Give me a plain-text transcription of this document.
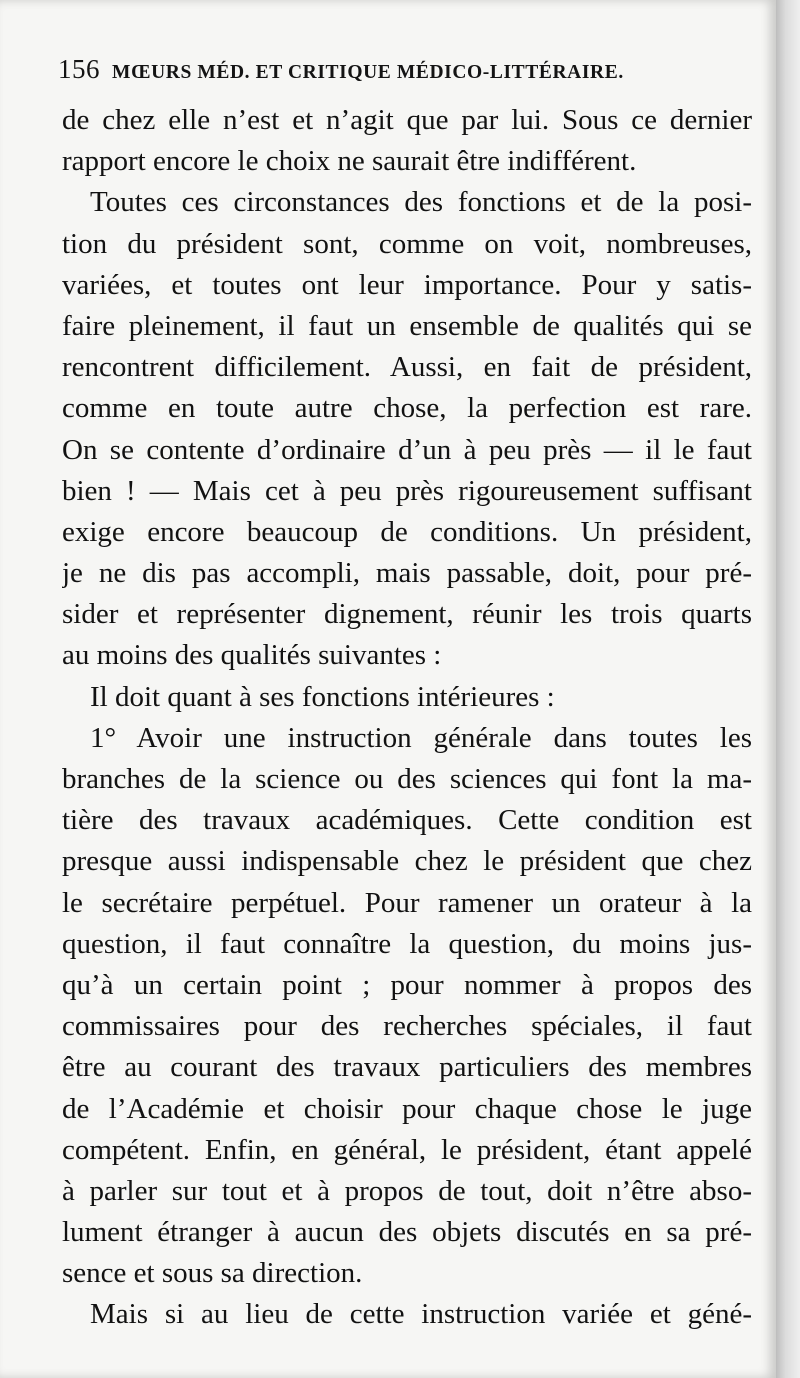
156 MŒURS MÉD. ET CRITIQUE MÉDICO-LITTÉRAIRE.
de chez elle n’est et n’agit que par lui. Sous ce dernier
rapport encore le choix ne saurait être indifférent.
Toutes ces circonstances des fonctions et de la posi-
tion du président sont, comme on voit, nombreuses,
variées, et toutes ont leur importance. Pour y satis-
faire pleinement, il faut un ensemble de qualités qui se
rencontrent difficilement. Aussi, en fait de président,
comme en toute autre chose, la perfection est rare.
On se contente d’ordinaire d’un à peu près — il le faut
bien ! — Mais cet à peu près rigoureusement suffisant
exige encore beaucoup de conditions. Un président,
je ne dis pas accompli, mais passable, doit, pour pré-
sider et représenter dignement, réunir les trois quarts
au moins des qualités suivantes :
Il doit quant à ses fonctions intérieures :
1° Avoir une instruction générale dans toutes les
branches de la science ou des sciences qui font la ma-
tière des travaux académiques. Cette condition est
presque aussi indispensable chez le président que chez
le secrétaire perpétuel. Pour ramener un orateur à la
question, il faut connaître la question, du moins jus-
qu’à un certain point ; pour nommer à propos des
commissaires pour des recherches spéciales, il faut
être au courant des travaux particuliers des membres
de l’Académie et choisir pour chaque chose le juge
compétent. Enfin, en général, le président, étant appelé
à parler sur tout et à propos de tout, doit n’être abso-
lument étranger à aucun des objets discutés en sa pré-
sence et sous sa direction.
Mais si au lieu de cette instruction variée et géné-
